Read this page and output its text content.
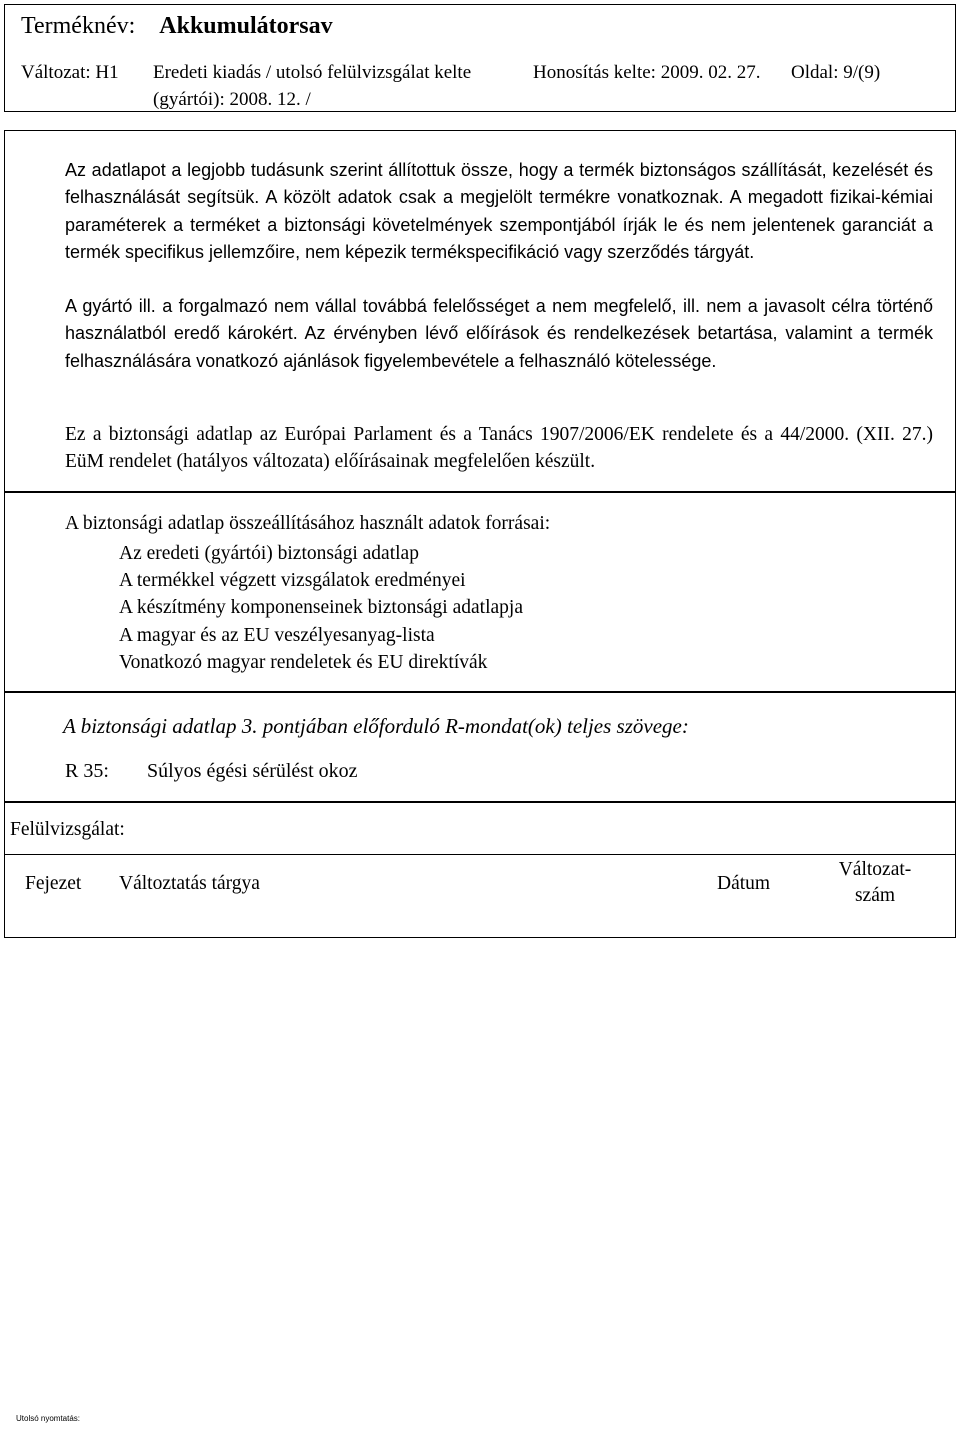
Terméknév: Akkumulátorsav
Változat: H1 Eredeti kiadás / utolsó felülvizsgálat kelte
(gyártói): 2008. 12. /
Honosítás kelte: 2009. 02. 27. Oldal: 9/(9)

Az adatlapot a legjobb tudásunk szerint állítottuk össze, hogy a termék biztonságos szállítását, kezelését és felhasználását segítsük. A közölt adatok csak a megjelölt termékre vonatkoznak. A megadott fizikai-kémiai paraméterek a terméket a biztonsági követelmények szempontjából írják le és nem jelentenek garanciát a termék specifikus jellemzőire, nem képezik termékspecifikáció vagy szerződés tárgyát.

A gyártó ill. a forgalmazó nem vállal továbbá felelősséget a nem megfelelő, ill. nem a javasolt célra történő használatból eredő károkért. Az érvényben lévő előírások és rendelkezések betartása, valamint a termék felhasználására vonatkozó ajánlások figyelembevétele a felhasználó kötelessége.

Ez a biztonsági adatlap az Európai Parlament és a Tanács 1907/2006/EK rendelete és a 44/2000. (XII. 27.) EüM rendelet (hatályos változata) előírásainak megfelelően készült.

A biztonsági adatlap összeállításához használt adatok forrásai:
Az eredeti (gyártói) biztonsági adatlap
A termékkel végzett vizsgálatok eredményei
A készítmény komponenseinek biztonsági adatlapja
A magyar és az EU veszélyesanyag-lista
Vonatkozó magyar rendeletek és EU direktívák
A biztonsági adatlap 3. pontjában előforduló R-mondat(ok) teljes szövege:
R 35: Súlyos égési sérülést okoz
Felülvizsgálat:
Fejezet Változtatás tárgya	Dátum
Változat-
szám
Utolsó nyomtatás:
